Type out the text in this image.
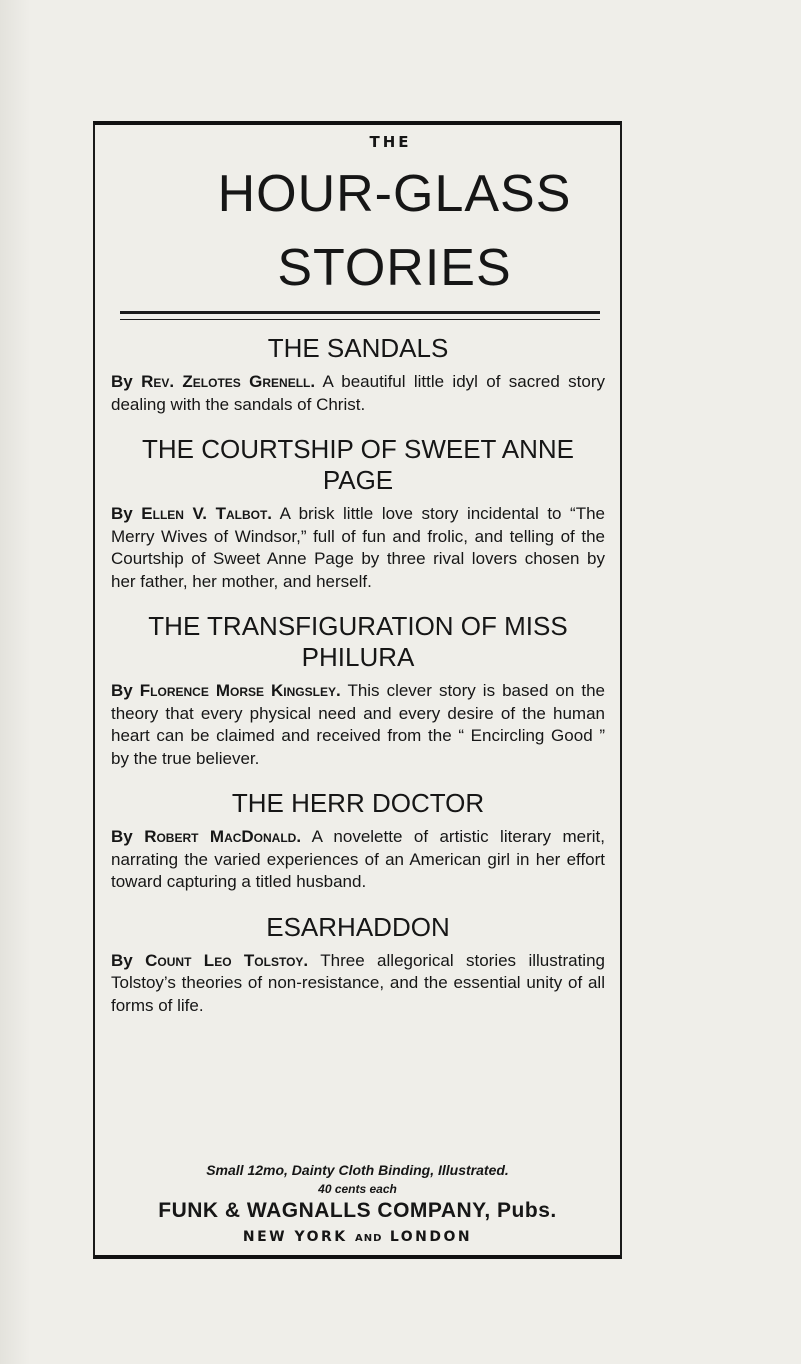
THE
HOUR-GLASS
STORIES
THE SANDALS

By Rev. Zelotes Grenell. A beautiful little idyl of sacred story dealing with the sandals of Christ.

THE COURTSHIP OF SWEET ANNE PAGE

By Ellen V. Talbot. A brisk little love story incidental to “The Merry Wives of Windsor,” full of fun and frolic, and telling of the Courtship of Sweet Anne Page by three rival lovers chosen by her father, her mother, and herself.

THE TRANSFIGURATION OF MISS PHILURA

By Florence Morse Kingsley. This clever story is based on the theory that every physical need and every desire of the human heart can be claimed and received from the “ Encircling Good ” by the true believer.

THE HERR DOCTOR

By Robert MacDonald. A novelette of artistic literary merit, narrating the varied experiences of an American girl in her effort toward capturing a titled husband.

ESARHADDON

By Count Leo Tolstoy. Three allegorical stories illustrating Tolstoy’s theories of non-resistance, and the essential unity of all forms of life.

Small 12mo, Dainty Cloth Binding, Illustrated.
40 cents each
FUNK & WAGNALLS COMPANY, Pubs.
NEW YORK AND LONDON
